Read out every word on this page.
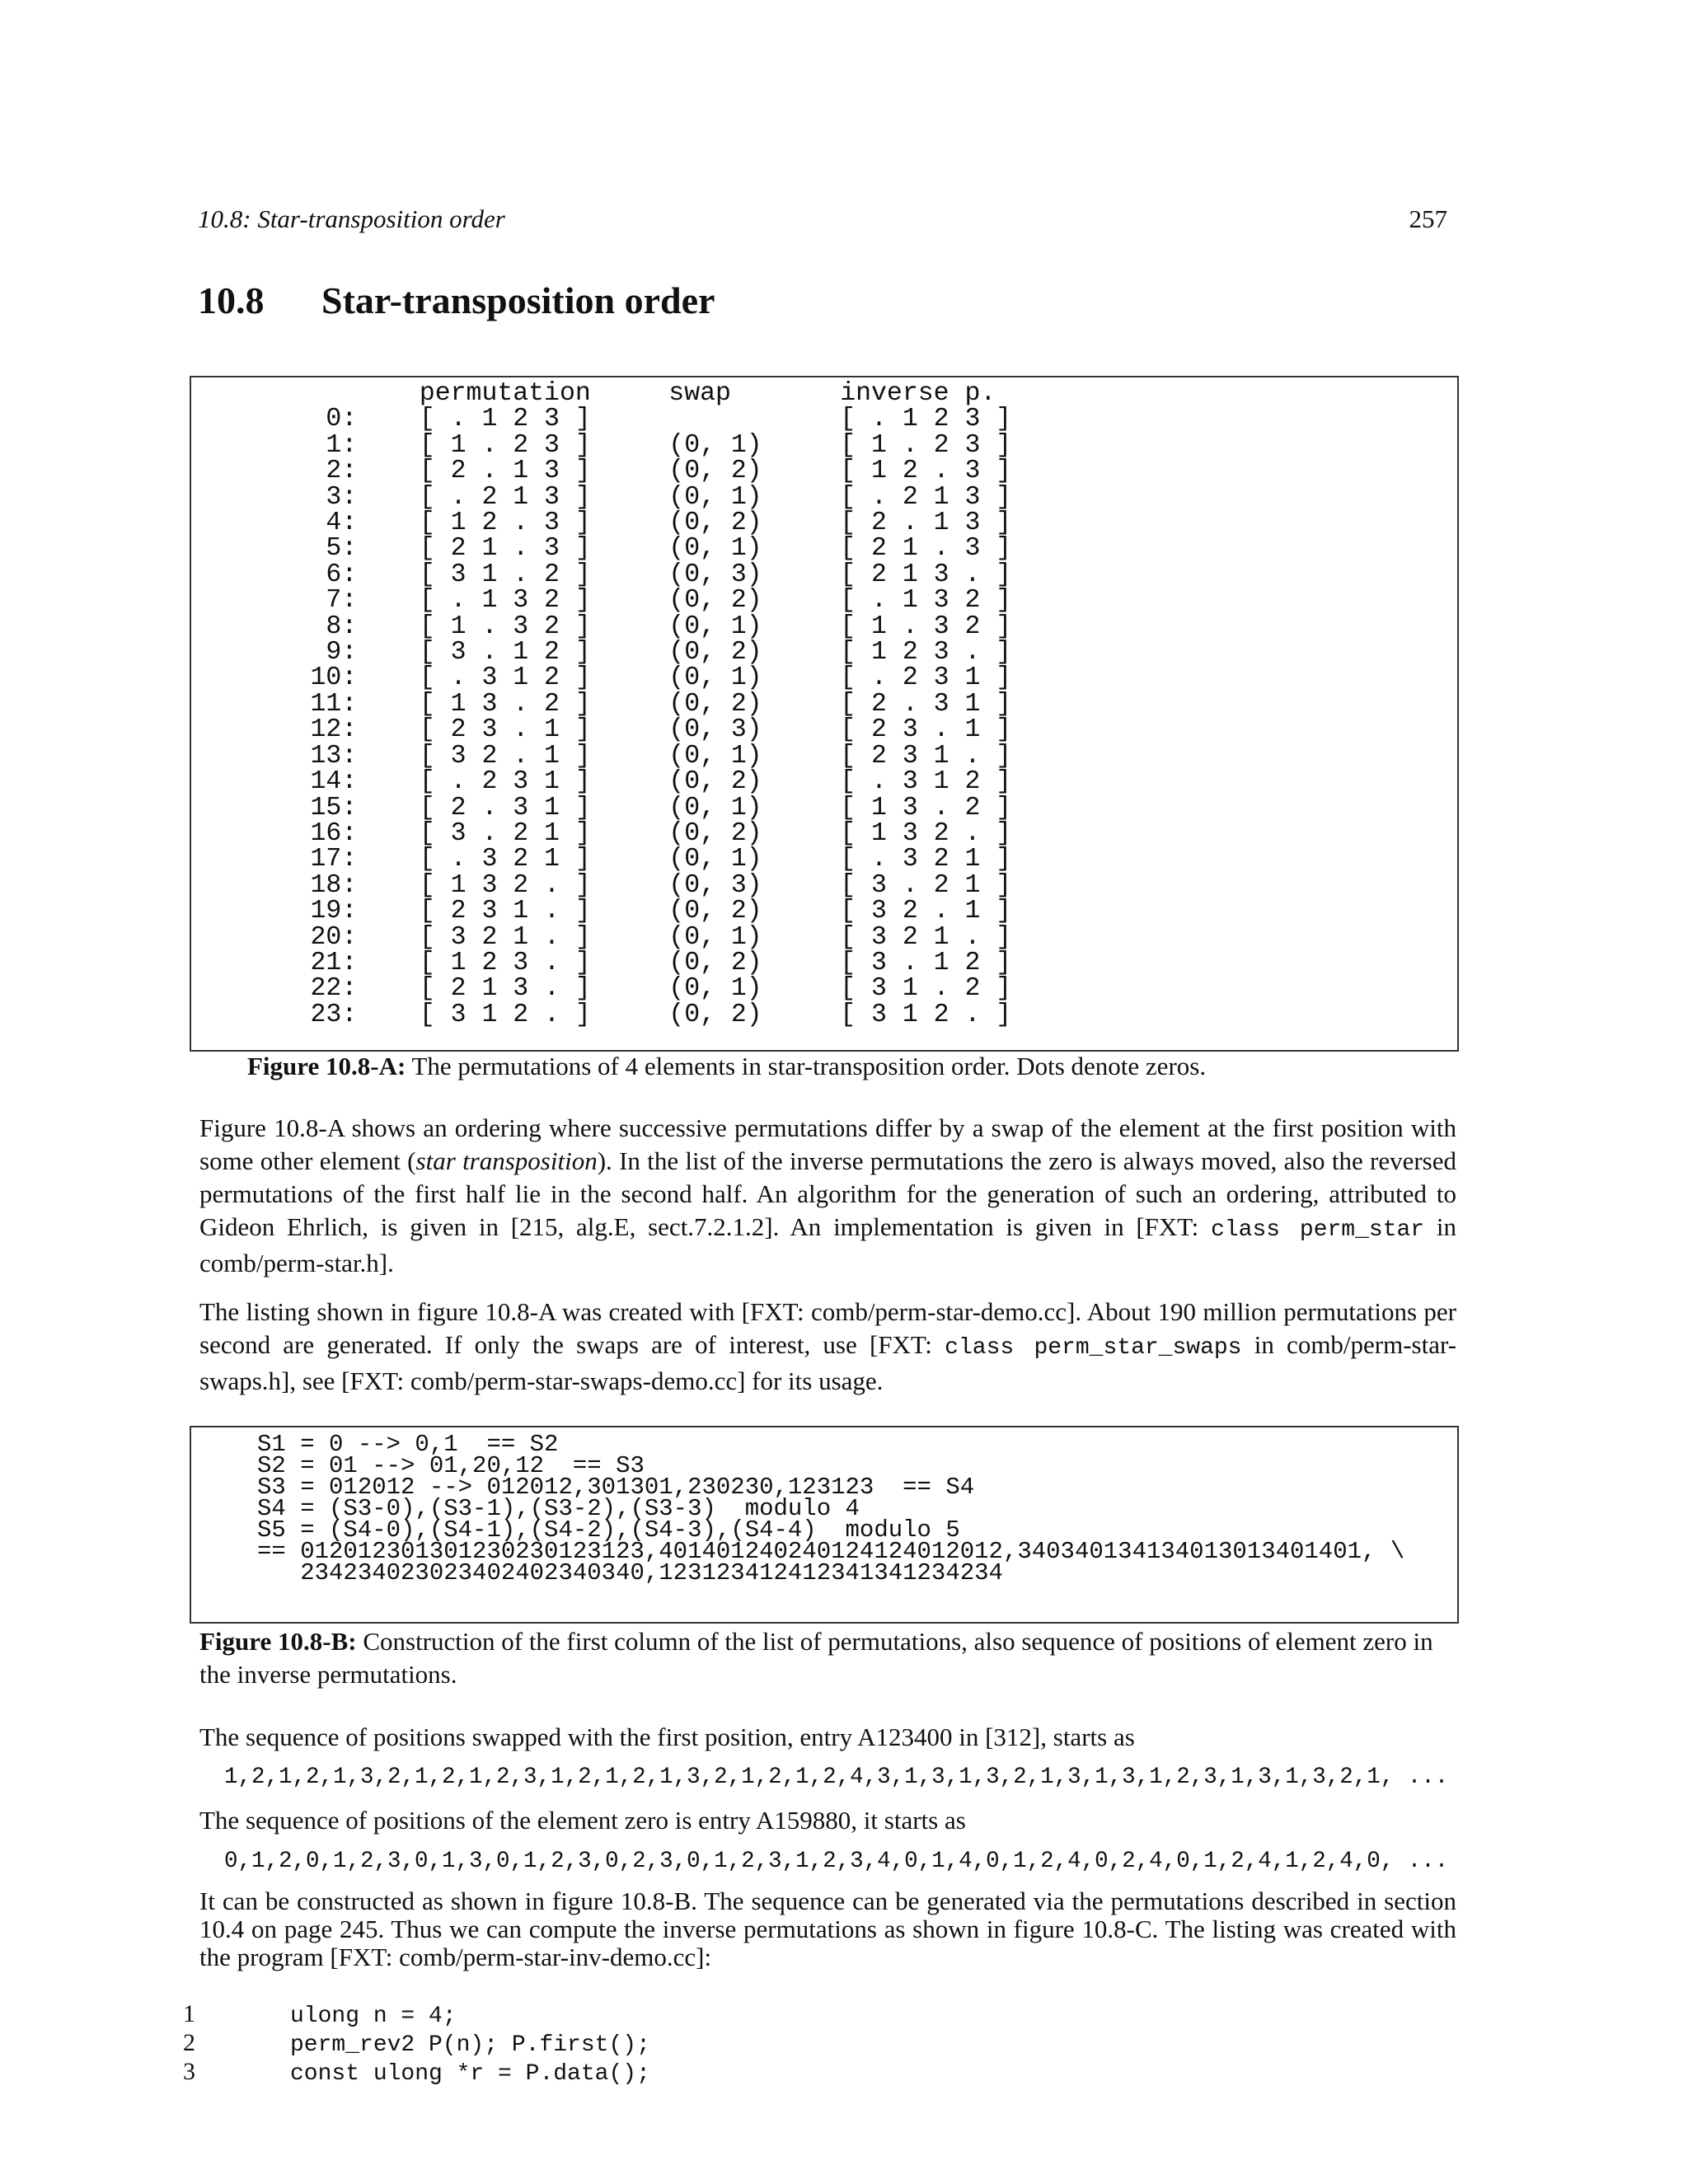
10.8: Star-transposition order	257
10.8 Star-transposition order
permutation     swap       inverse p.
0:    [ . 1 2 3 ]                [ . 1 2 3 ]
1:    [ 1 . 2 3 ]     (0, 1)     [ 1 . 2 3 ]
2:    [ 2 . 1 3 ]     (0, 2)     [ 1 2 . 3 ]
3:    [ . 2 1 3 ]     (0, 1)     [ . 2 1 3 ]
4:    [ 1 2 . 3 ]     (0, 2)     [ 2 . 1 3 ]
5:    [ 2 1 . 3 ]     (0, 1)     [ 2 1 . 3 ]
6:    [ 3 1 . 2 ]     (0, 3)     [ 2 1 3 . ]
7:    [ . 1 3 2 ]     (0, 2)     [ . 1 3 2 ]
8:    [ 1 . 3 2 ]     (0, 1)     [ 1 . 3 2 ]
9:    [ 3 . 1 2 ]     (0, 2)     [ 1 2 3 . ]
10:    [ . 3 1 2 ]     (0, 1)     [ . 2 3 1 ]
11:    [ 1 3 . 2 ]     (0, 2)     [ 2 . 3 1 ]
12:    [ 2 3 . 1 ]     (0, 3)     [ 2 3 . 1 ]
13:    [ 3 2 . 1 ]     (0, 1)     [ 2 3 1 . ]
14:    [ . 2 3 1 ]     (0, 2)     [ . 3 1 2 ]
15:    [ 2 . 3 1 ]     (0, 1)     [ 1 3 . 2 ]
16:    [ 3 . 2 1 ]     (0, 2)     [ 1 3 2 . ]
17:    [ . 3 2 1 ]     (0, 1)     [ . 3 2 1 ]
18:    [ 1 3 2 . ]     (0, 3)     [ 3 . 2 1 ]
19:    [ 2 3 1 . ]     (0, 2)     [ 3 2 . 1 ]
20:    [ 3 2 1 . ]     (0, 1)     [ 3 2 1 . ]
21:    [ 1 2 3 . ]     (0, 2)     [ 3 . 1 2 ]
22:    [ 2 1 3 . ]     (0, 1)     [ 3 1 . 2 ]
23:    [ 3 1 2 . ]     (0, 2)     [ 3 1 2 . ]
Figure 10.8-A: The permutations of 4 elements in star-transposition order. Dots denote zeros.
Figure 10.8-A shows an ordering where successive permutations differ by a swap of the element at the first position with some other element (star transposition). In the list of the inverse permutations the zero is always moved, also the reversed permutations of the first half lie in the second half. An algorithm for the generation of such an ordering, attributed to Gideon Ehrlich, is given in [215, alg.E, sect.7.2.1.2]. An implementation is given in [FXT: class perm_star in comb/perm-star.h].
The listing shown in figure 10.8-A was created with [FXT: comb/perm-star-demo.cc]. About 190 million permutations per second are generated. If only the swaps are of interest, use [FXT: class perm_star_swaps in comb/perm-star-swaps.h], see [FXT: comb/perm-star-swaps-demo.cc] for its usage.
S1 = 0 --> 0,1  == S2
S2 = 01 --> 01,20,12  == S3
S3 = 012012 --> 012012,301301,230230,123123  == S4
S4 = (S3-0),(S3-1),(S3-2),(S3-3)  modulo 4
S5 = (S4-0),(S4-1),(S4-2),(S4-3),(S4-4)  modulo 5
== 012012301301230230123123,401401240240124124012012,340340134134013013401401, \
234234023023402402340340,123123412412341341234234
Figure 10.8-B: Construction of the first column of the list of permutations, also sequence of positions of element zero in the inverse permutations.
The sequence of positions swapped with the first position, entry A123400 in [312], starts as
1,2,1,2,1,3,2,1,2,1,2,3,1,2,1,2,1,3,2,1,2,1,2,4,3,1,3,1,3,2,1,3,1,3,1,2,3,1,3,1,3,2,1, ...
The sequence of positions of the element zero is entry A159880, it starts as
0,1,2,0,1,2,3,0,1,3,0,1,2,3,0,2,3,0,1,2,3,1,2,3,4,0,1,4,0,1,2,4,0,2,4,0,1,2,4,1,2,4,0, ...
It can be constructed as shown in figure 10.8-B. The sequence can be generated via the permutations described in section 10.4 on page 245. Thus we can compute the inverse permutations as shown in figure 10.8-C. The listing was created with the program [FXT: comb/perm-star-inv-demo.cc]:
1	ulong n = 4;
2	perm_rev2 P(n); P.first();
3	const ulong *r = P.data();
